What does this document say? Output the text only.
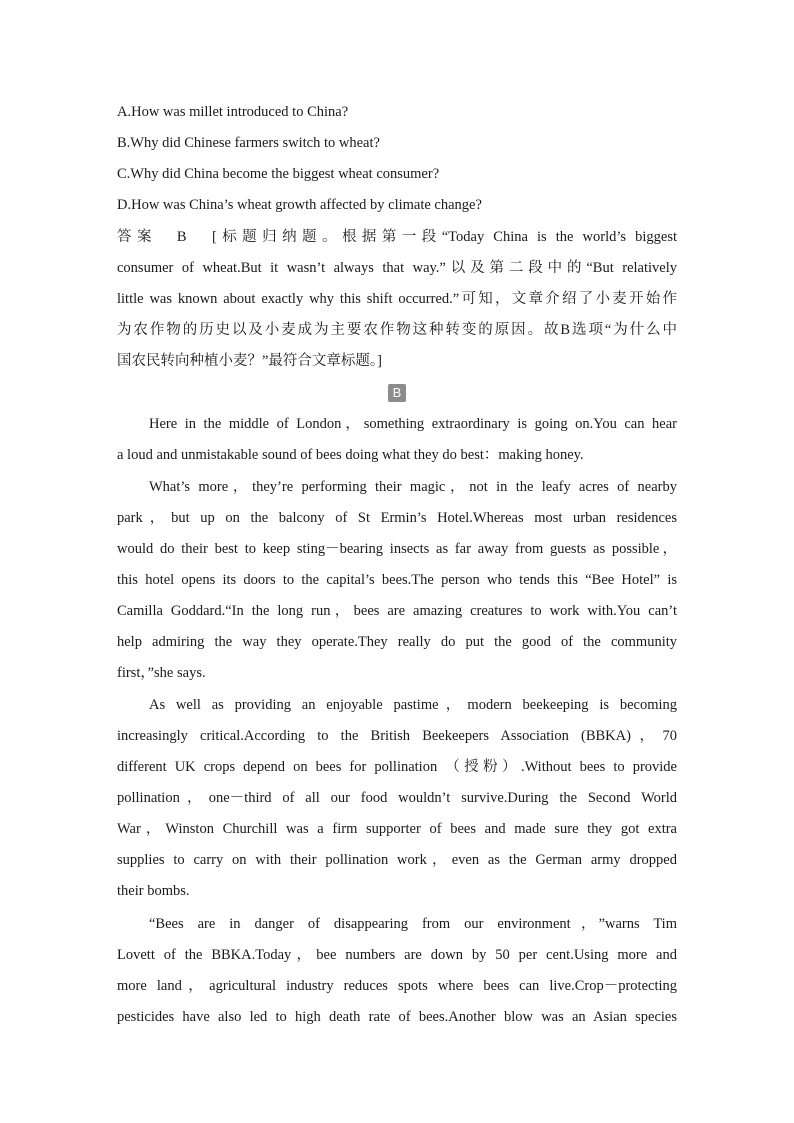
A.How was millet introduced to China?
B.Why did Chinese farmers switch to wheat?
C.Why did China become the biggest wheat consumer?
D.How was China’s wheat growth affected by climate change?
答案　B　[标题归纳题。根据第一段“Today China is the world’s biggest
consumer of wheat.But it wasn’t always that way.”以及第二段中的“But relatively
little was known about exactly why this shift occurred.”可知，文章介绍了小麦开始作
为农作物的历史以及小麦成为主要农作物这种转变的原因。故B选项“为什么中
国农民转向种植小麦？”最符合文章标题。]
B
Here in the middle of London，something extraordinary is going on.You can hear
a loud and unmistakable sound of bees doing what they do best：making honey.
What’s more，they’re performing their magic，not in the leafy acres of nearby
park，but up on the balcony of St Ermin’s Hotel.Whereas most urban residences
would do their best to keep sting－bearing insects as far away from guests as possible，
this hotel opens its doors to the capital’s bees.The person who tends this “Bee Hotel” is
Camilla Goddard.“In the long run，bees are amazing creatures to work with.You can’t
help admiring the way they operate.They really do put the good of the community
first，”she says.
As well as providing an enjoyable pastime，modern beekeeping is becoming
increasingly critical.According to the British Beekeepers Association (BBKA)，70
different UK crops depend on bees for pollination （授粉）.Without bees to provide
pollination，one－third of all our food wouldn’t survive.During the Second World
War，Winston Churchill was a firm supporter of bees and made sure they got extra
supplies to carry on with their pollination work，even as the German army dropped
their bombs.
“Bees are in danger of disappearing from our environment，”warns Tim
Lovett of the BBKA.Today，bee numbers are down by 50 per cent.Using more and
more land，agricultural industry reduces spots where bees can live.Crop－protecting
pesticides have also led to high death rate of bees.Another blow was an Asian species
